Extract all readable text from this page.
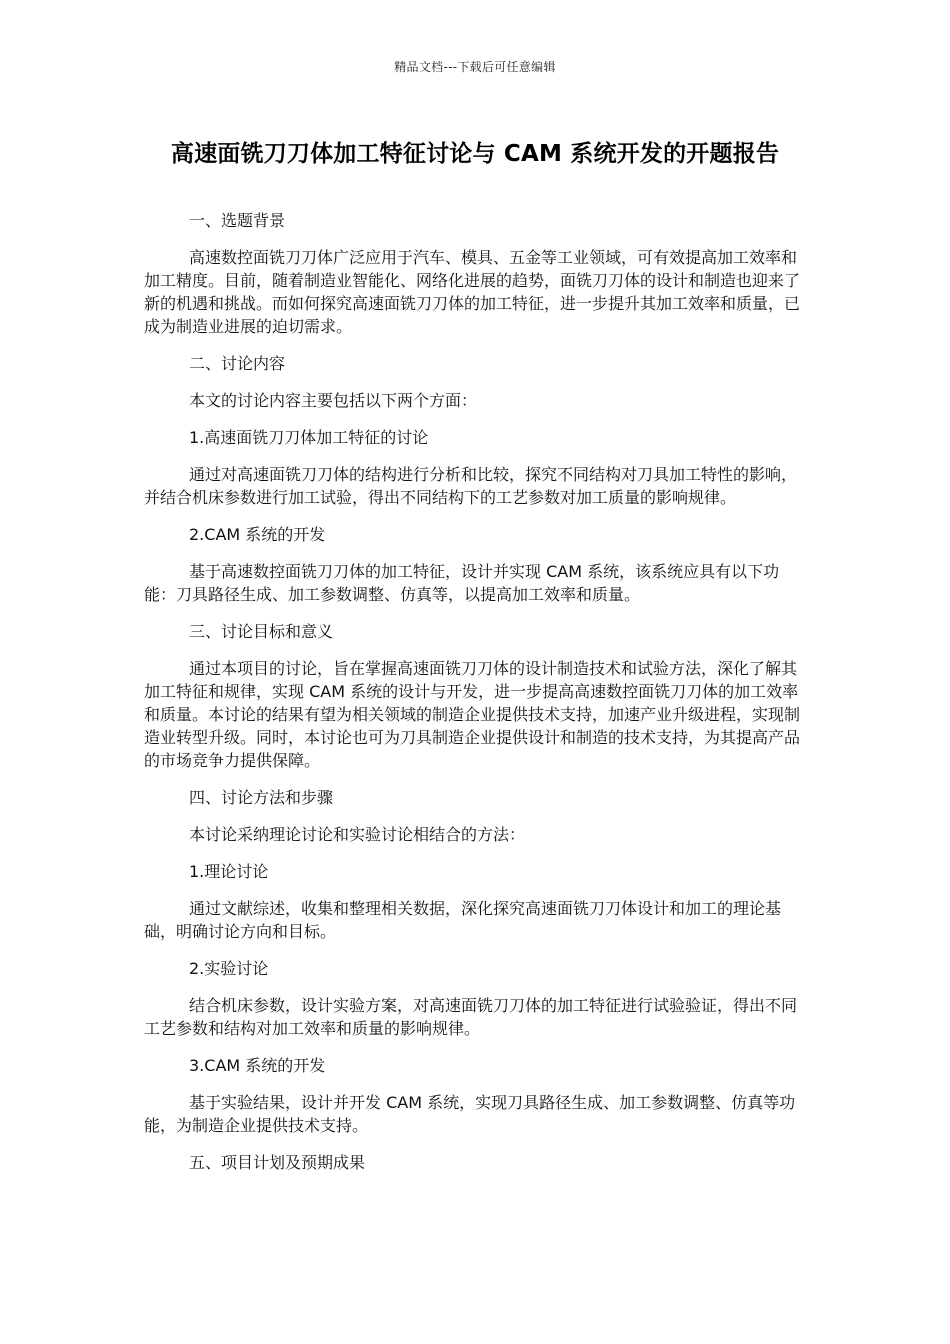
精品文档---下载后可任意编辑
高速面铣刀刀体加工特征讨论与 CAM 系统开发的开题报告

一、选题背景

高速数控面铣刀刀体广泛应用于汽车、模具、五金等工业领域，可有效提高加工效率和加工精度。目前，随着制造业智能化、网络化进展的趋势，面铣刀刀体的设计和制造也迎来了新的机遇和挑战。而如何探究高速面铣刀刀体的加工特征，进一步提升其加工效率和质量，已成为制造业进展的迫切需求。

二、讨论内容

本文的讨论内容主要包括以下两个方面：

1.高速面铣刀刀体加工特征的讨论

通过对高速面铣刀刀体的结构进行分析和比较，探究不同结构对刀具加工特性的影响，并结合机床参数进行加工试验，得出不同结构下的工艺参数对加工质量的影响规律。

2.CAM 系统的开发

基于高速数控面铣刀刀体的加工特征，设计并实现 CAM 系统，该系统应具有以下功能：刀具路径生成、加工参数调整、仿真等，以提高加工效率和质量。

三、讨论目标和意义

通过本项目的讨论，旨在掌握高速面铣刀刀体的设计制造技术和试验方法，深化了解其加工特征和规律，实现 CAM 系统的设计与开发，进一步提高高速数控面铣刀刀体的加工效率和质量。本讨论的结果有望为相关领域的制造企业提供技术支持，加速产业升级进程，实现制造业转型升级。同时，本讨论也可为刀具制造企业提供设计和制造的技术支持，为其提高产品的市场竞争力提供保障。

四、讨论方法和步骤

本讨论采纳理论讨论和实验讨论相结合的方法：

1.理论讨论

通过文献综述，收集和整理相关数据，深化探究高速面铣刀刀体设计和加工的理论基础，明确讨论方向和目标。

2.实验讨论

结合机床参数，设计实验方案，对高速面铣刀刀体的加工特征进行试验验证，得出不同工艺参数和结构对加工效率和质量的影响规律。

3.CAM 系统的开发

基于实验结果，设计并开发 CAM 系统，实现刀具路径生成、加工参数调整、仿真等功能，为制造企业提供技术支持。

五、项目计划及预期成果
